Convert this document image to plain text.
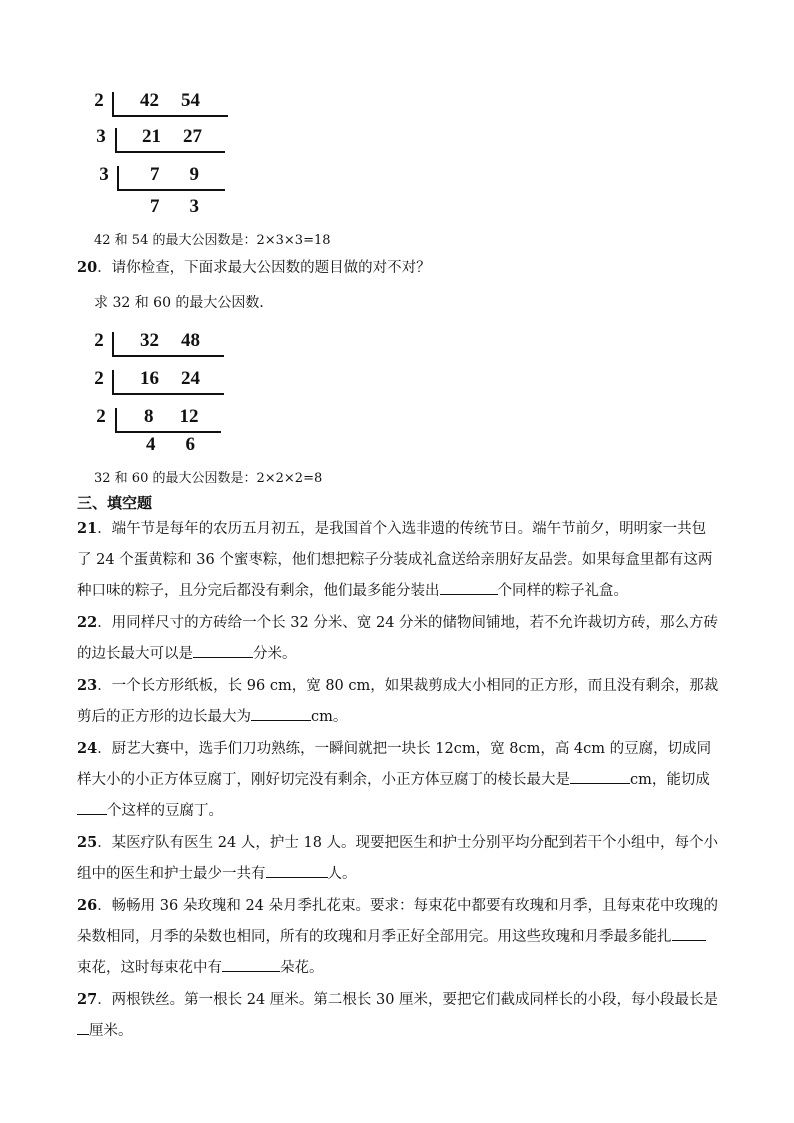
2 42 54
3 21 27
3 7 9
7 3
42 和 54 的最大公因数是：2×3×3=18
20．请你检查，下面求最大公因数的题目做的对不对？
求 32 和 60 的最大公因数．
2 32 48
2 16 24
2 8 12
4 6
32 和 60 的最大公因数是：2×2×2=8
三、填空题
21．端午节是每年的农历五月初五，是我国首个入选非遗的传统节日。端午节前夕，明明家一共包了 24 个蛋黄粽和 36 个蜜枣粽，他们想把粽子分装成礼盒送给亲朋好友品尝。如果每盒里都有这两种口味的粽子，且分完后都没有剩余，他们最多能分装出	个同样的粽子礼盒。
22．用同样尺寸的方砖给一个长 32 分米、宽 24 分米的储物间铺地，若不允许裁切方砖，那么方砖的边长最大可以是	分米。
23．一个长方形纸板，长 96 cm，宽 80 cm，如果裁剪成大小相同的正方形，而且没有剩余，那裁剪后的正方形的边长最大为	cm。
24．厨艺大赛中，选手们刀功熟练，一瞬间就把一块长 12cm，宽 8cm，高 4cm 的豆腐，切成同样大小的小正方体豆腐丁，刚好切完没有剩余，小正方体豆腐丁的棱长最大是	cm，能切成个这样的豆腐丁。
25．某医疗队有医生 24 人，护士 18 人。现要把医生和护士分别平均分配到若干个小组中，每个小组中的医生和护士最少一共有	人。
26．畅畅用 36 朵玫瑰和 24 朵月季扎花束。要求：每束花中都要有玫瑰和月季，且每束花中玫瑰的朵数相同，月季的朵数也相同，所有的玫瑰和月季正好全部用完。用这些玫瑰和月季最多能扎束花，这时每束花中有	朵花。
27．两根铁丝。第一根长 24 厘米。第二根长 30 厘米，要把它们截成同样长的小段，每小段最长是厘米。
